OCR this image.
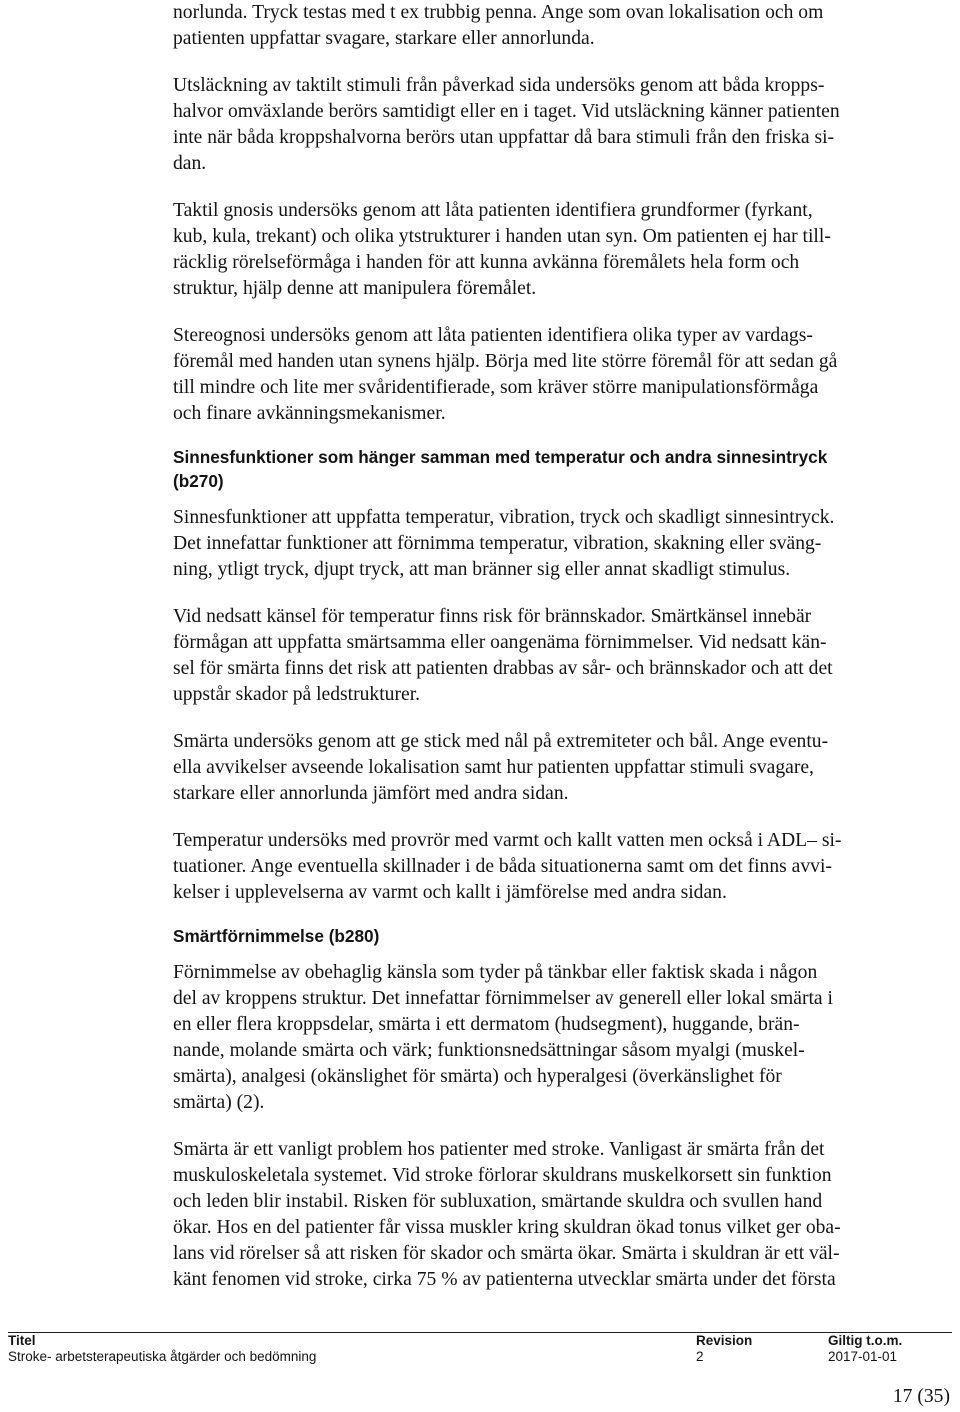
norlunda. Tryck testas med t ex trubbig penna. Ange som ovan lokalisation och om
patienten uppfattar svagare, starkare eller annorlunda.

Utsläckning av taktilt stimuli från påverkad sida undersöks genom att båda kropps-
halvor omväxlande berörs samtidigt eller en i taget. Vid utsläckning känner patienten
inte när båda kroppshalvorna berörs utan uppfattar då bara stimuli från den friska si-
dan.

Taktil gnosis undersöks genom att låta patienten identifiera grundformer (fyrkant,
kub, kula, trekant) och olika ytstrukturer i handen utan syn. Om patienten ej har till-
räcklig rörelseförmåga i handen för att kunna avkänna föremålets hela form och
struktur, hjälp denne att manipulera föremålet.

Stereognosi undersöks genom att låta patienten identifiera olika typer av vardags-
föremål med handen utan synens hjälp. Börja med lite större föremål för att sedan gå
till mindre och lite mer svåridentifierade, som kräver större manipulationsförmåga
och finare avkänningsmekanismer.

Sinnesfunktioner som hänger samman med temperatur och andra sinnesintryck
(b270)

Sinnesfunktioner att uppfatta temperatur, vibration, tryck och skadligt sinnesintryck.
Det innefattar funktioner att förnimma temperatur, vibration, skakning eller sväng-
ning, ytligt tryck, djupt tryck, att man bränner sig eller annat skadligt stimulus.

Vid nedsatt känsel för temperatur finns risk för brännskador. Smärtkänsel innebär
förmågan att uppfatta smärtsamma eller oangenäma förnimmelser. Vid nedsatt kän-
sel för smärta finns det risk att patienten drabbas av sår- och brännskador och att det
uppstår skador på ledstrukturer.

Smärta undersöks genom att ge stick med nål på extremiteter och bål. Ange eventu-
ella avvikelser avseende lokalisation samt hur patienten uppfattar stimuli svagare,
starkare eller annorlunda jämfört med andra sidan.

Temperatur undersöks med provrör med varmt och kallt vatten men också i ADL– si-
tuationer. Ange eventuella skillnader i de båda situationerna samt om det finns avvi-
kelser i upplevelserna av varmt och kallt i jämförelse med andra sidan.

Smärtförnimmelse (b280)

Förnimmelse av obehaglig känsla som tyder på tänkbar eller faktisk skada i någon
del av kroppens struktur. Det innefattar förnimmelser av generell eller lokal smärta i
en eller flera kroppsdelar, smärta i ett dermatom (hudsegment), huggande, brän-
nande, molande smärta och värk; funktionsnedsättningar såsom myalgi (muskel-
smärta), analgesi (okänslighet för smärta) och hyperalgesi (överkänslighet för
smärta) (2).

Smärta är ett vanligt problem hos patienter med stroke. Vanligast är smärta från det
muskuloskeletala systemet. Vid stroke förlorar skuldrans muskelkorsett sin funktion
och leden blir instabil. Risken för subluxation, smärtande skuldra och svullen hand
ökar. Hos en del patienter får vissa muskler kring skuldran ökad tonus vilket ger oba-
lans vid rörelser så att risken för skador och smärta ökar. Smärta i skuldran är ett väl-
känt fenomen vid stroke, cirka 75 % av patienterna utvecklar smärta under det första

Titel	Revision	Giltig t.o.m.
Stroke- arbetsterapeutiska åtgärder och bedömning	2	2017-01-01
17 (35)
